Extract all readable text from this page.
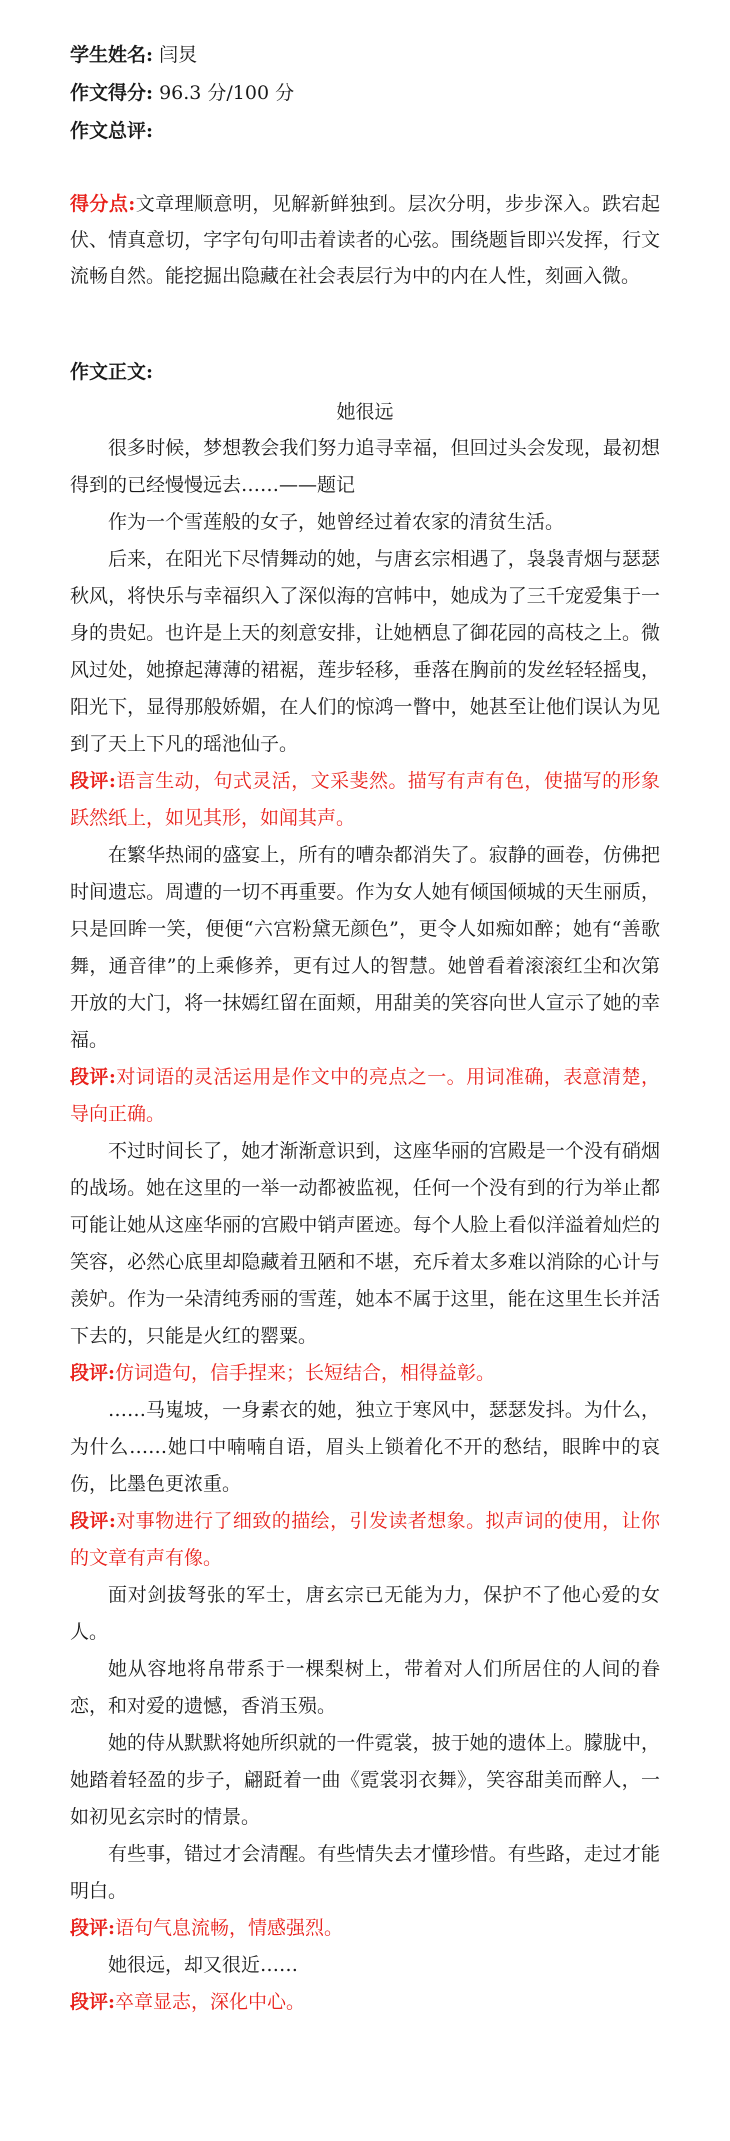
学生姓名: 闫炅
作文得分: 96.3 分/100 分
作文总评:
得分点:文章理顺意明，见解新鲜独到。层次分明，步步深入。跌宕起伏、情真意切，字字句句叩击着读者的心弦。围绕题旨即兴发挥，行文流畅自然。能挖掘出隐藏在社会表层行为中的内在人性，刻画入微。
作文正文:
她很远

很多时候，梦想教会我们努力追寻幸福，但回过头会发现，最初想得到的已经慢慢远去……——题记

作为一个雪莲般的女子，她曾经过着农家的清贫生活。

后来，在阳光下尽情舞动的她，与唐玄宗相遇了，袅袅青烟与瑟瑟秋风，将快乐与幸福织入了深似海的宫帏中，她成为了三千宠爱集于一身的贵妃。也许是上天的刻意安排，让她栖息了御花园的高枝之上。微风过处，她撩起薄薄的裙裾，莲步轻移，垂落在胸前的发丝轻轻摇曳，阳光下，显得那般娇媚，在人们的惊鸿一瞥中，她甚至让他们误认为见到了天上下凡的瑶池仙子。

段评:语言生动，句式灵活，文采斐然。描写有声有色，使描写的形象跃然纸上，如见其形，如闻其声。

在繁华热闹的盛宴上，所有的嘈杂都消失了。寂静的画卷，仿佛把时间遗忘。周遭的一切不再重要。作为女人她有倾国倾城的天生丽质，只是回眸一笑，便便“六宫粉黛无颜色”，更令人如痴如醉；她有“善歌舞，通音律”的上乘修养，更有过人的智慧。她曾看着滚滚红尘和次第开放的大门，将一抹嫣红留在面颊，用甜美的笑容向世人宣示了她的幸福。

段评:对词语的灵活运用是作文中的亮点之一。用词准确，表意清楚，导向正确。

不过时间长了，她才渐渐意识到，这座华丽的宫殿是一个没有硝烟的战场。她在这里的一举一动都被监视，任何一个没有到的行为举止都可能让她从这座华丽的宫殿中销声匿迹。每个人脸上看似洋溢着灿烂的笑容，必然心底里却隐藏着丑陋和不堪，充斥着太多难以消除的心计与羡妒。作为一朵清纯秀丽的雪莲，她本不属于这里，能在这里生长并活下去的，只能是火红的罂粟。

段评:仿词造句，信手捏来；长短结合，相得益彰。

……马嵬坡，一身素衣的她，独立于寒风中，瑟瑟发抖。为什么，为什么……她口中喃喃自语，眉头上锁着化不开的愁结，眼眸中的哀伤，比墨色更浓重。

段评:对事物进行了细致的描绘，引发读者想象。拟声词的使用，让你的文章有声有像。

面对剑拔弩张的军士，唐玄宗已无能为力，保护不了他心爱的女人。

她从容地将帛带系于一棵梨树上，带着对人们所居住的人间的眷恋，和对爱的遗憾，香消玉殒。

她的侍从默默将她所织就的一件霓裳，披于她的遗体上。朦胧中，她踏着轻盈的步子，翩跹着一曲《霓裳羽衣舞》，笑容甜美而醉人，一如初见玄宗时的情景。

有些事，错过才会清醒。有些情失去才懂珍惜。有些路，走过才能明白。

段评:语句气息流畅，情感强烈。

她很远，却又很近……

段评:卒章显志，深化中心。
